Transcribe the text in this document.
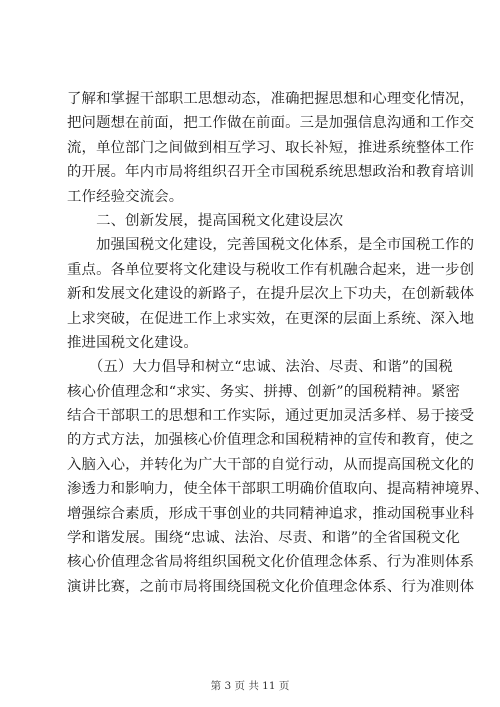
了解和掌握干部职工思想动态，准确把握思想和心理变化情况，
把问题想在前面，把工作做在前面。三是加强信息沟通和工作交
流，单位部门之间做到相互学习、取长补短，推进系统整体工作
的开展。年内市局将组织召开全市国税系统思想政治和教育培训
工作经验交流会。
　　二、创新发展，提高国税文化建设层次
　　加强国税文化建设，完善国税文化体系，是全市国税工作的
重点。各单位要将文化建设与税收工作有机融合起来，进一步创
新和发展文化建设的新路子，在提升层次上下功夫，在创新载体
上求突破，在促进工作上求实效，在更深的层面上系统、深入地
推进国税文化建设。
　　（五）大力倡导和树立“忠诚、法治、尽责、和谐”的国税
核心价值理念和“求实、务实、拼搏、创新”的国税精神。紧密
结合干部职工的思想和工作实际，通过更加灵活多样、易于接受
的方式方法，加强核心价值理念和国税精神的宣传和教育，使之
入脑入心，并转化为广大干部的自觉行动，从而提高国税文化的
渗透力和影响力，使全体干部职工明确价值取向、提高精神境界、
增强综合素质，形成干事创业的共同精神追求，推动国税事业科
学和谐发展。围绕“忠诚、法治、尽责、和谐”的全省国税文化
核心价值理念省局将组织国税文化价值理念体系、行为准则体系
演讲比赛，之前市局将围绕国税文化价值理念体系、行为准则体
第 3 页 共 11 页
